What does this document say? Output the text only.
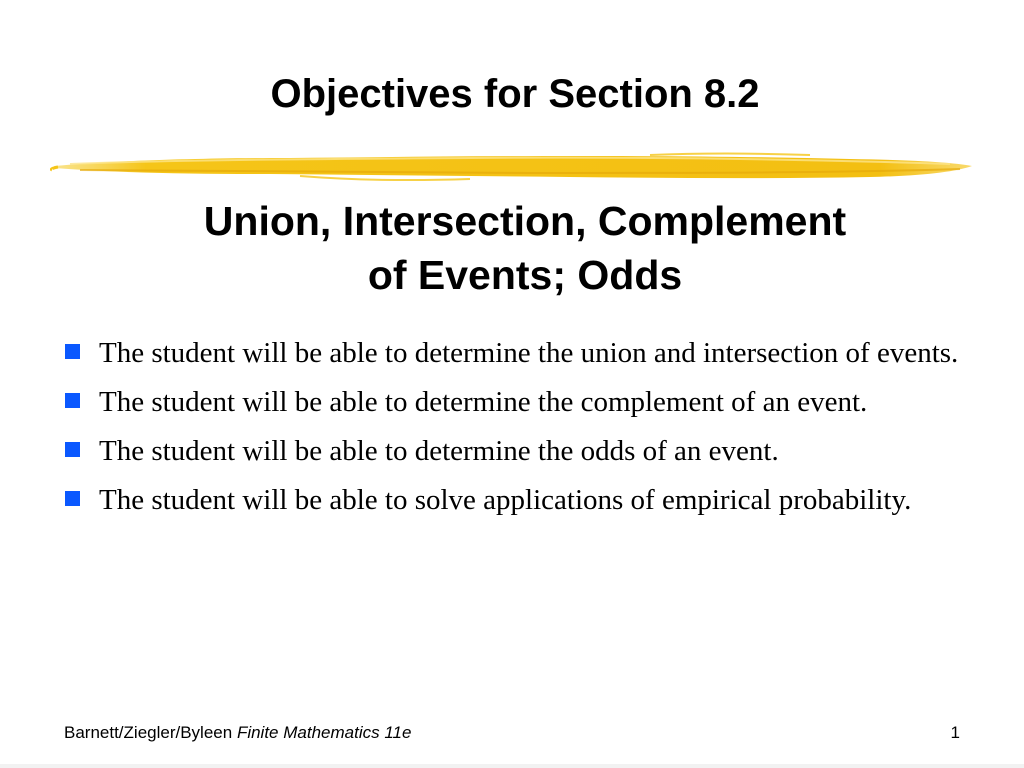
Objectives for Section 8.2
Union, Intersection, Complement
of Events; Odds
The student will be able to determine the union and intersection of events.
The student will be able to determine the complement of an event.
The student will be able to determine the odds of an event.
The student will be able to solve applications of empirical probability.
Barnett/Ziegler/Byleen Finite Mathematics 11e	1
